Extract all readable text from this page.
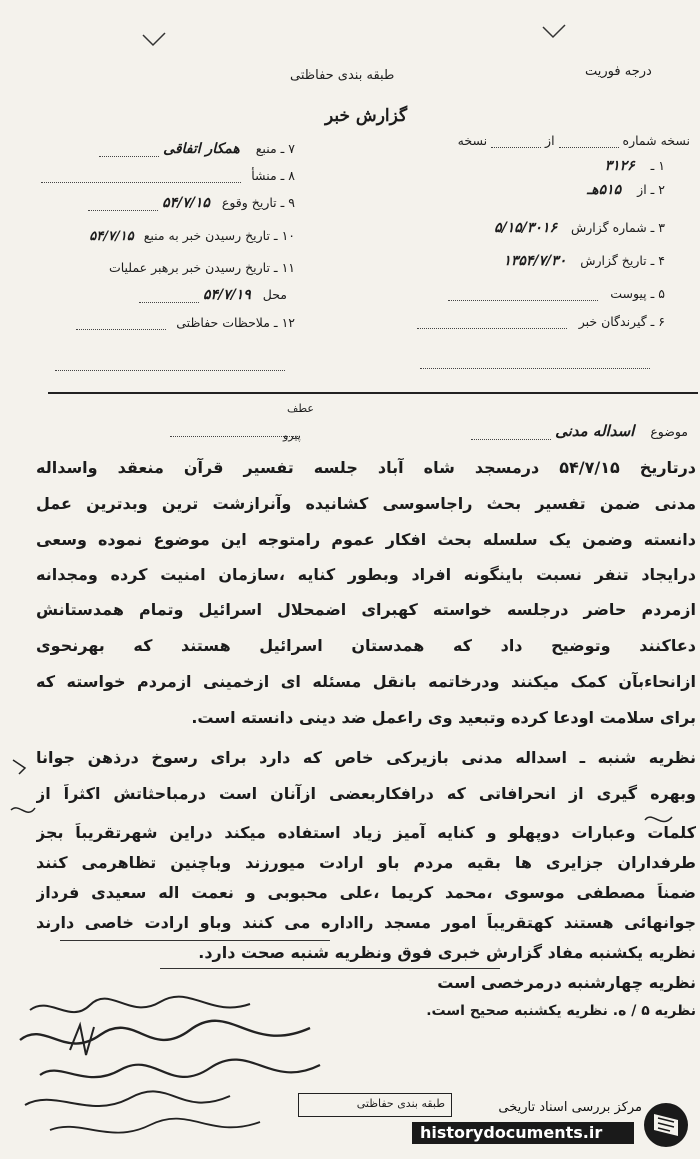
درجه فوریت
طبقه بندی حفاظتی
گزارش خبر
نسخه شماره  از  نسخه
۱ ـ ۳۱۲۶
۲ ـ از ۵۱۵هـ
۳ ـ شماره گزارش ۵/۱۵/۳۰۱۶
۴ ـ تاریخ گزارش ۱۳۵۴/۷/۳۰
۵ ـ پیوست
۶ ـ گیرندگان خبر
۷ ـ منبع همکار اتفاقی
۸ ـ منشأ
۹ ـ تاریخ وقوع ۵۴/۷/۱۵
۱۰ ـ تاریخ رسیدن خبر به منبع ۵۴/۷/۱۵
۱۱ ـ تاریخ رسیدن خبر برهبر عملیات
محل ۵۴/۷/۱۹
۱۲ ـ ملاحظات حفاظتی
عطف
پیرو	موضوع اسداله مدنی
درتاریخ ۵۴/۷/۱۵ درمسجد شاه آباد جلسه تفسیر قرآن منعقد واسداله
مدنی ضمن تفسیر بحث راجاسوسی کشانیده وآنرازشت ترین وبدترین عمل
دانسته وضمن یک سلسله بحث افکار عموم رامتوجه این موضوع نموده وسعی
درایجاد تنفر نسبت باینگونه افراد وبطور کنایه ،سازمان امنیت کرده ومجدانه
ازمردم حاضر درجلسه خواسته کهبرای اضمحلال اسرائیل وتمام همدستانش
دعاکنند وتوضیح داد که همدستان اسرائیل هستند که بهرنحوی
ازانحاءبآن کمک میکنند ودرخاتمه بانقل مسئله ای ازخمینی ازمردم خواسته که
برای سلامت اودعا کرده وتبعید وی راعمل ضد دینی دانسته است.
نظریه شنبه ـ اسداله مدنی بازیرکی خاص که دارد برای رسوخ درذهن جوانا
وبهره گیری از انحرافاتی که درافکاربعضی ازآنان است درمباحثاتش اکثراً از
کلمات وعبارات دوپهلو و کنایه آمیز زیاد استفاده میکند دراین شهرتقریباً بجز
طرفداران جزایری ها بقیه مردم باو ارادت میورزند وباچنین تظاهرمی کنند
ضمناً مصطفی موسوی ،محمد کریما ،علی محبوبی و نعمت اله سعیدی فرداز
جوانهائی هستند کهتقریباً امور مسجد رااداره می کنند وباو ارادت خاصی دارند
نظریه یکشنبه مفاد گزارش خبری فوق ونظریه شنبه صحت دارد.
نظریه چهارشنبه درمرخصی است
نظریه ۵ / ه. نظریه یکشنبه صحیح است.
طبقه بندی حفاظتی	مرکز بررسی اسناد تاریخی
historydocuments.ir
